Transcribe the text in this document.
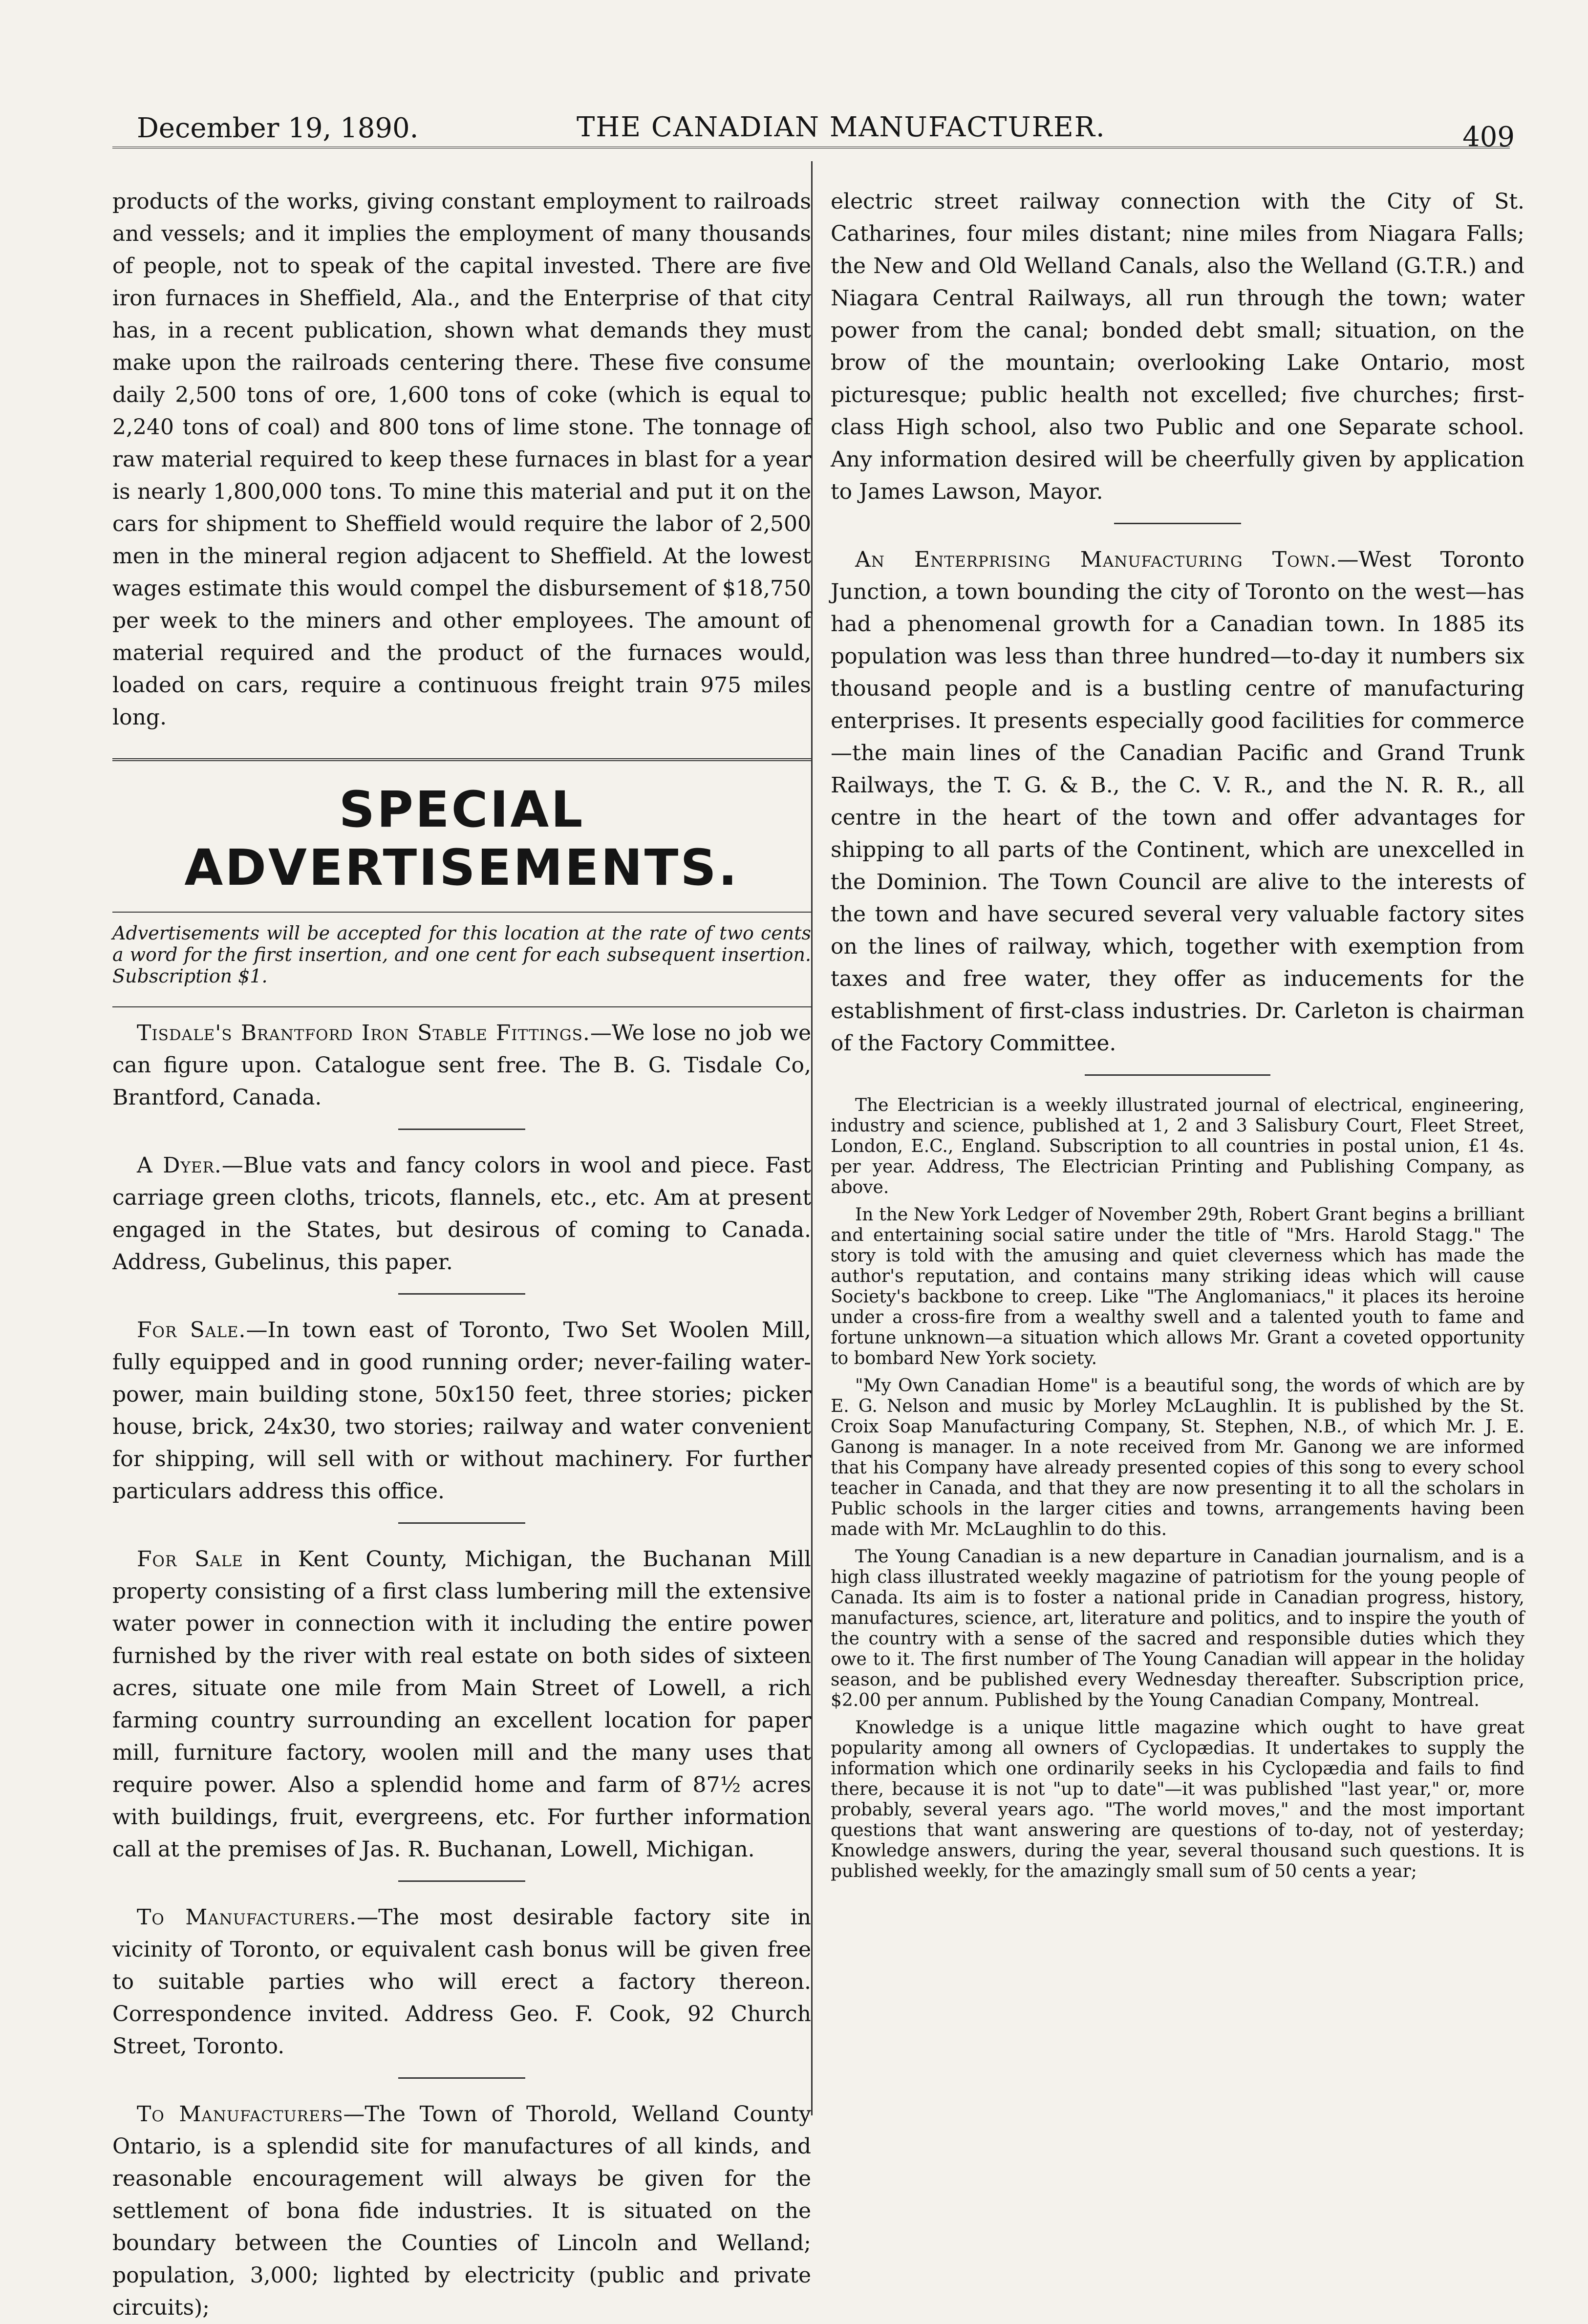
December 19, 1890.	THE CANADIAN MANUFACTURER.	409

products of the works, giving constant employment to railroads and vessels; and it implies the employment of many thousands of people, not to speak of the capital invested. There are five iron furnaces in Sheffield, Ala., and the Enterprise of that city has, in a recent publication, shown what demands they must make upon the railroads centering there. These five consume daily 2,500 tons of ore, 1,600 tons of coke (which is equal to 2,240 tons of coal) and 800 tons of lime stone. The tonnage of raw material required to keep these furnaces in blast for a year is nearly 1,800,000 tons. To mine this material and put it on the cars for shipment to Sheffield would require the labor of 2,500 men in the mineral region adjacent to Sheffield. At the lowest wages estimate this would compel the disbursement of $18,750 per week to the miners and other employees. The amount of material required and the product of the furnaces would, loaded on cars, require a continuous freight train 975 miles long.

SPECIAL ADVERTISEMENTS.

Advertisements will be accepted for this location at the rate of two cents a word for the first insertion, and one cent for each subsequent insertion. Subscription $1.

Tisdale's Brantford Iron Stable Fittings.—We lose no job we can figure upon. Catalogue sent free. The B. G. Tisdale Co, Brantford, Canada.

A Dyer.—Blue vats and fancy colors in wool and piece. Fast carriage green cloths, tricots, flannels, etc., etc. Am at present engaged in the States, but desirous of coming to Canada. Address, Gubelinus, this paper.

For Sale.—In town east of Toronto, Two Set Woolen Mill, fully equipped and in good running order; never-failing water-power, main building stone, 50x150 feet, three stories; picker house, brick, 24x30, two stories; railway and water convenient for shipping, will sell with or without machinery. For further particulars address this office.

For Sale in Kent County, Michigan, the Buchanan Mill property consisting of a first class lumbering mill the extensive water power in connection with it including the entire power furnished by the river with real estate on both sides of sixteen acres, situate one mile from Main Street of Lowell, a rich farming country surrounding an excellent location for paper mill, furniture factory, woolen mill and the many uses that require power. Also a splendid home and farm of 87½ acres with buildings, fruit, evergreens, etc. For further information call at the premises of Jas. R. Buchanan, Lowell, Michigan.

To Manufacturers.—The most desirable factory site in vicinity of Toronto, or equivalent cash bonus will be given free to suitable parties who will erect a factory thereon. Correspondence invited. Address Geo. F. Cook, 92 Church Street, Toronto.

To Manufacturers—The Town of Thorold, Welland County Ontario, is a splendid site for manufactures of all kinds, and reasonable encouragement will always be given for the settlement of bona fide industries. It is situated on the boundary between the Counties of Lincoln and Welland; population, 3,000; lighted by electricity (public and private circuits);

electric street railway connection with the City of St. Catharines, four miles distant; nine miles from Niagara Falls; the New and Old Welland Canals, also the Welland (G.T.R.) and Niagara Central Railways, all run through the town; water power from the canal; bonded debt small; situation, on the brow of the mountain; overlooking Lake Ontario, most picturesque; public health not excelled; five churches; first-class High school, also two Public and one Separate school. Any information desired will be cheerfully given by application to James Lawson, Mayor.

An Enterprising Manufacturing Town.—West Toronto Junction, a town bounding the city of Toronto on the west—has had a phenomenal growth for a Canadian town. In 1885 its population was less than three hundred—to-day it numbers six thousand people and is a bustling centre of manufacturing enterprises. It presents especially good facilities for commerce—the main lines of the Canadian Pacific and Grand Trunk Railways, the T. G. & B., the C. V. R., and the N. R. R., all centre in the heart of the town and offer advantages for shipping to all parts of the Continent, which are unexcelled in the Dominion. The Town Council are alive to the interests of the town and have secured several very valuable factory sites on the lines of railway, which, together with exemption from taxes and free water, they offer as inducements for the establishment of first-class industries. Dr. Carleton is chairman of the Factory Committee.

The Electrician is a weekly illustrated journal of electrical, engineering, industry and science, published at 1, 2 and 3 Salisbury Court, Fleet Street, London, E.C., England. Subscription to all countries in postal union, £1 4s. per year. Address, The Electrician Printing and Publishing Company, as above.

In the New York Ledger of November 29th, Robert Grant begins a brilliant and entertaining social satire under the title of "Mrs. Harold Stagg." The story is told with the amusing and quiet cleverness which has made the author's reputation, and contains many striking ideas which will cause Society's backbone to creep. Like "The Anglomaniacs," it places its heroine under a cross-fire from a wealthy swell and a talented youth to fame and fortune unknown—a situation which allows Mr. Grant a coveted opportunity to bombard New York society.

"My Own Canadian Home" is a beautiful song, the words of which are by E. G. Nelson and music by Morley McLaughlin. It is published by the St. Croix Soap Manufacturing Company, St. Stephen, N.B., of which Mr. J. E. Ganong is manager. In a note received from Mr. Ganong we are informed that his Company have already presented copies of this song to every school teacher in Canada, and that they are now presenting it to all the scholars in Public schools in the larger cities and towns, arrangements having been made with Mr. McLaughlin to do this.

The Young Canadian is a new departure in Canadian journalism, and is a high class illustrated weekly magazine of patriotism for the young people of Canada. Its aim is to foster a national pride in Canadian progress, history, manufactures, science, art, literature and politics, and to inspire the youth of the country with a sense of the sacred and responsible duties which they owe to it. The first number of The Young Canadian will appear in the holiday season, and be published every Wednesday thereafter. Subscription price, $2.00 per annum. Published by the Young Canadian Company, Montreal.

Knowledge is a unique little magazine which ought to have great popularity among all owners of Cyclopædias. It undertakes to supply the information which one ordinarily seeks in his Cyclopædia and fails to find there, because it is not "up to date"—it was published "last year," or, more probably, several years ago. "The world moves," and the most important questions that want answering are questions of to-day, not of yesterday; Knowledge answers, during the year, several thousand such questions. It is published weekly, for the amazingly small sum of 50 cents a year;
